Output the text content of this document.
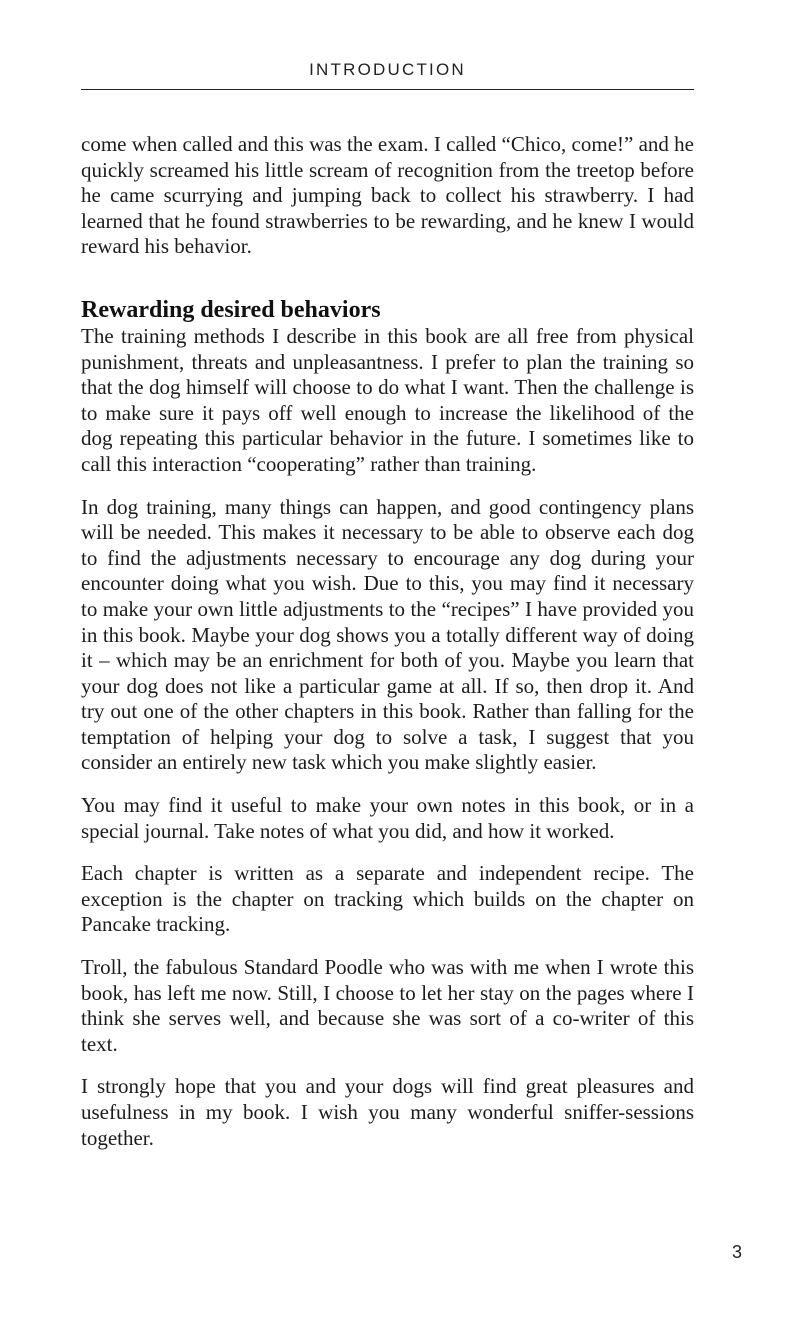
INTRODUCTION

come when called and this was the exam. I called “Chico, come!” and he quickly screamed his little scream of recognition from the treetop before he came scurrying and jumping back to collect his strawberry. I had learned that he found strawberries to be rewarding, and he knew I would reward his behavior.

Rewarding desired behaviors

The training methods I describe in this book are all free from physical punishment, threats and unpleasantness. I prefer to plan the training so that the dog himself will choose to do what I want. Then the challenge is to make sure it pays off well enough to increase the likelihood of the dog repeating this particular behavior in the future. I sometimes like to call this interaction “cooperating” rather than training.

In dog training, many things can happen, and good contingency plans will be needed. This makes it necessary to be able to observe each dog to find the adjustments necessary to encourage any dog during your encounter doing what you wish. Due to this, you may find it necessary to make your own little adjustments to the “recipes” I have provided you in this book. Maybe your dog shows you a totally different way of doing it – which may be an enrichment for both of you. Maybe you learn that your dog does not like a particular game at all. If so, then drop it. And try out one of the other chapters in this book. Rather than falling for the temptation of helping your dog to solve a task, I suggest that you consider an entirely new task which you make slightly easier.

You may find it useful to make your own notes in this book, or in a special journal. Take notes of what you did, and how it worked.

Each chapter is written as a separate and independent recipe. The exception is the chapter on tracking which builds on the chapter on Pancake tracking.

Troll, the fabulous Standard Poodle who was with me when I wrote this book, has left me now. Still, I choose to let her stay on the pages where I think she serves well, and because she was sort of a co-writer of this text.

I strongly hope that you and your dogs will find great pleasures and usefulness in my book. I wish you many wonderful sniffer-sessions together.

3
